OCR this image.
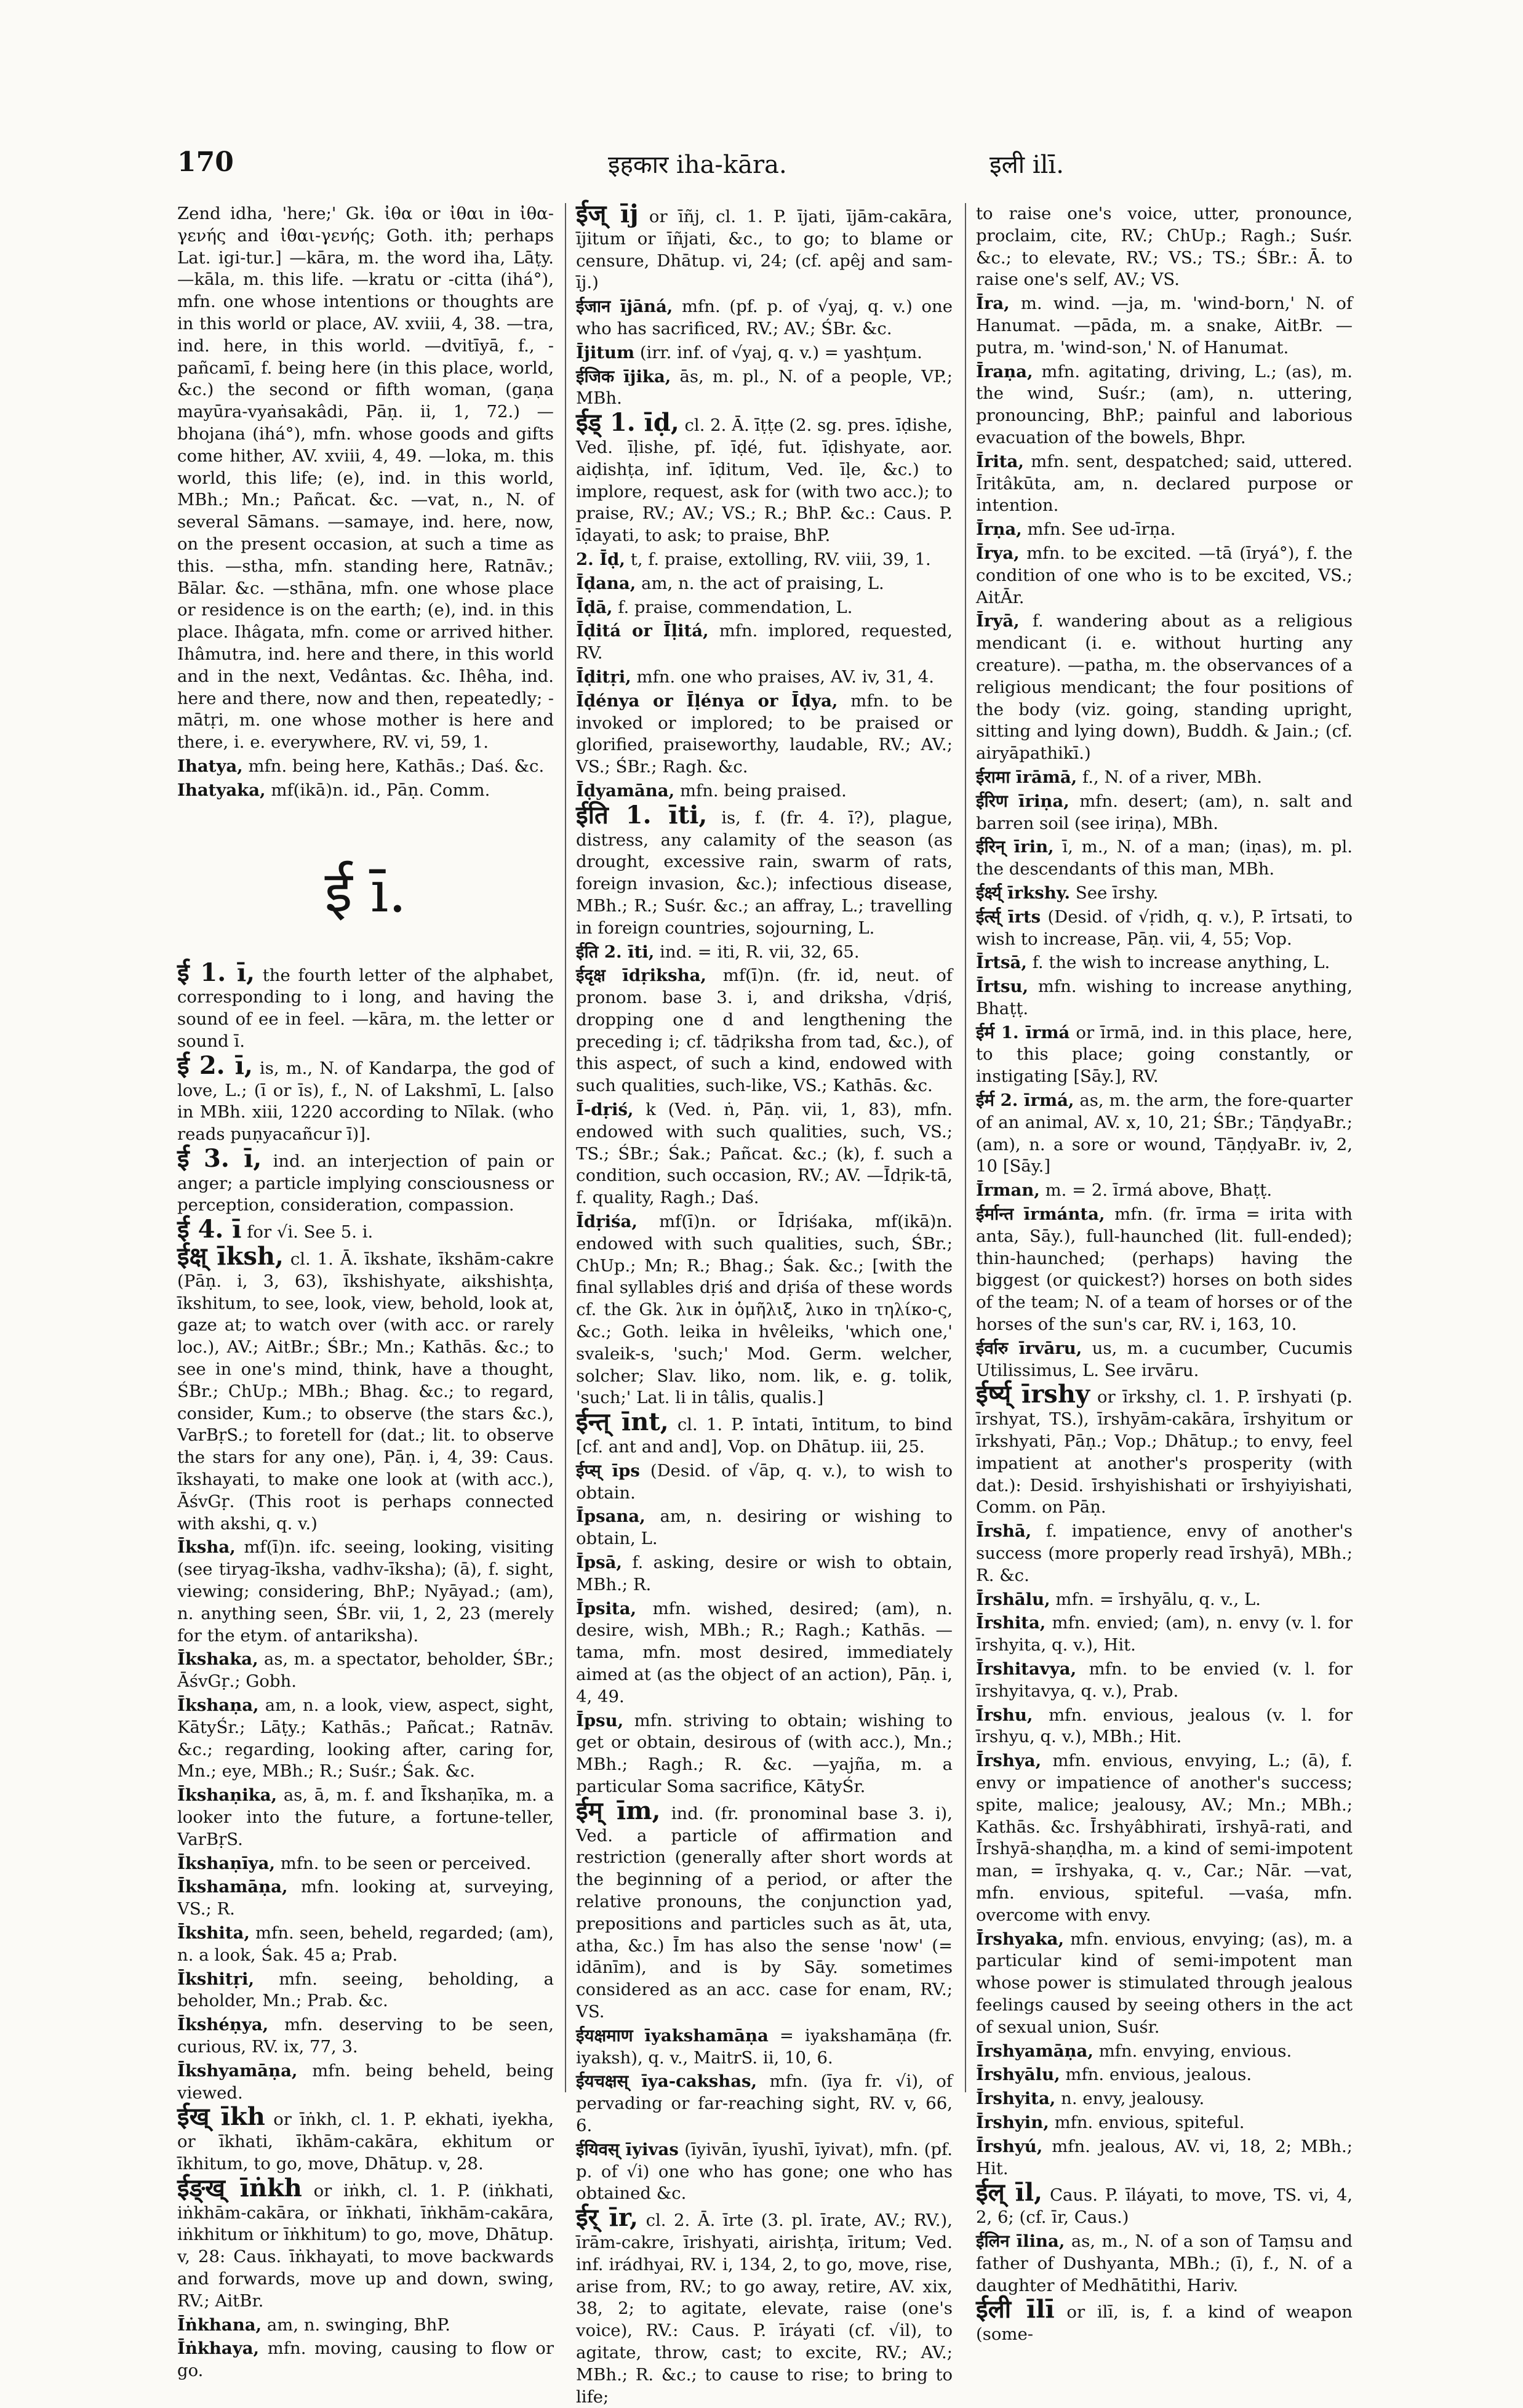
170	इहकार iha-kāra.	इली ilī.

Zend idha, 'here;' Gk. ἰθα or ἰθαι in ἰθα-γενής and ἰθαι-γενής; Goth. ith; perhaps Lat. igi-tur.] —kāra, m. the word iha, Lāṭy. —kāla, m. this life. —kratu or -citta (ihá°), mfn. one whose intentions or thoughts are in this world or place, AV. xviii, 4, 38. —tra, ind. here, in this world. —dvitīyā, f., -pañcamī, f. being here (in this place, world, &c.) the second or fifth woman, (gaṇa mayūra-vyaṅsakâdi, Pāṇ. ii, 1, 72.) —bhojana (ihá°), mfn. whose goods and gifts come hither, AV. xviii, 4, 49. —loka, m. this world, this life; (e), ind. in this world, MBh.; Mn.; Pañcat. &c. —vat, n., N. of several Sāmans. —samaye, ind. here, now, on the present occasion, at such a time as this. —stha, mfn. standing here, Ratnāv.; Bālar. &c. —sthāna, mfn. one whose place or residence is on the earth; (e), ind. in this place. Ihâgata, mfn. come or arrived hither. Ihâmutra, ind. here and there, in this world and in the next, Vedântas. &c. Ihêha, ind. here and there, now and then, repeatedly; -mātṛi, m. one whose mother is here and there, i. e. everywhere, RV. vi, 59, 1.

Ihatya, mfn. being here, Kathās.; Daś. &c.

Ihatyaka, mf(ikā)n. id., Pāṇ. Comm.

ई ī.

ई 1. ī, the fourth letter of the alphabet, corresponding to i long, and having the sound of ee in feel. —kāra, m. the letter or sound ī.

ई 2. ī, is, m., N. of Kandarpa, the god of love, L.; (ī or īs), f., N. of Lakshmī, L. [also in MBh. xiii, 1220 according to Nīlak. (who reads puṇyacañcur ī)].

ई 3. ī, ind. an interjection of pain or anger; a particle implying consciousness or perception, consideration, compassion.

ई 4. ī for √i. See 5. i.

ईक्ष् īksh, cl. 1. Ā. īkshate, īkshām-cakre (Pāṇ. i, 3, 63), īkshishyate, aikshishṭa, īkshitum, to see, look, view, behold, look at, gaze at; to watch over (with acc. or rarely loc.), AV.; AitBr.; ŚBr.; Mn.; Kathās. &c.; to see in one's mind, think, have a thought, ŚBr.; ChUp.; MBh.; Bhag. &c.; to regard, consider, Kum.; to observe (the stars &c.), VarBṛS.; to foretell for (dat.; lit. to observe the stars for any one), Pāṇ. i, 4, 39: Caus. īkshayati, to make one look at (with acc.), ĀśvGṛ. (This root is perhaps connected with akshi, q. v.)

Īksha, mf(ī)n. ifc. seeing, looking, visiting (see tiryag-īksha, vadhv-īksha); (ā), f. sight, viewing; considering, BhP.; Nyāyad.; (am), n. anything seen, ŚBr. vii, 1, 2, 23 (merely for the etym. of antariksha).

Īkshaka, as, m. a spectator, beholder, ŚBr.; ĀśvGṛ.; Gobh.

Īkshaṇa, am, n. a look, view, aspect, sight, KātyŚr.; Lāṭy.; Kathās.; Pañcat.; Ratnāv. &c.; regarding, looking after, caring for, Mn.; eye, MBh.; R.; Suśr.; Śak. &c.

Īkshaṇika, as, ā, m. f. and Īkshaṇīka, m. a looker into the future, a fortune-teller, VarBṛS.

Īkshaṇīya, mfn. to be seen or perceived.

Īkshamāṇa, mfn. looking at, surveying, VS.; R.

Īkshita, mfn. seen, beheld, regarded; (am), n. a look, Śak. 45 a; Prab.

Īkshitṛi, mfn. seeing, beholding, a beholder, Mn.; Prab. &c.

Īkshéṇya, mfn. deserving to be seen, curious, RV. ix, 77, 3.

Īkshyamāṇa, mfn. being beheld, being viewed.

ईख् īkh or īṅkh, cl. 1. P. ekhati, iyekha, or īkhati, īkhām-cakāra, ekhitum or īkhitum, to go, move, Dhātup. v, 28.

ईङ्ख् īṅkh or iṅkh, cl. 1. P. (iṅkhati, iṅkhām-cakāra, or īṅkhati, īṅkhām-cakāra, iṅkhitum or īṅkhitum) to go, move, Dhātup. v, 28: Caus. īṅkhayati, to move backwards and forwards, move up and down, swing, RV.; AitBr.

Īṅkhana, am, n. swinging, BhP.

Īṅkhaya, mfn. moving, causing to flow or go.

ईज् īj or īñj, cl. 1. P. ījati, ījām-cakāra, ījitum or īñjati, &c., to go; to blame or censure, Dhātup. vi, 24; (cf. apêj and sam-īj.)

ईजान ījāná, mfn. (pf. p. of √yaj, q. v.) one who has sacrificed, RV.; AV.; ŚBr. &c.

Ījitum (irr. inf. of √yaj, q. v.) = yashṭum.

ईजिक ījika, ās, m. pl., N. of a people, VP.; MBh.

ईड् 1. īḍ, cl. 2. Ā. īṭṭe (2. sg. pres. īḍishe, Ved. īḷishe, pf. īḍé, fut. īḍishyate, aor. aiḍishṭa, inf. īḍitum, Ved. īḷe, &c.) to implore, request, ask for (with two acc.); to praise, RV.; AV.; VS.; R.; BhP. &c.: Caus. P. īḍayati, to ask; to praise, BhP.

2. Īḍ, t, f. praise, extolling, RV. viii, 39, 1.

Īḍana, am, n. the act of praising, L.

Īḍā, f. praise, commendation, L.

Īḍitá or Īḷitá, mfn. implored, requested, RV.

Īḍitṛi, mfn. one who praises, AV. iv, 31, 4.

Īḍénya or Īḷénya or Īḍya, mfn. to be invoked or implored; to be praised or glorified, praiseworthy, laudable, RV.; AV.; VS.; ŚBr.; Ragh. &c.

Īḍyamāna, mfn. being praised.

ईति 1. īti, is, f. (fr. 4. ī?), plague, distress, any calamity of the season (as drought, excessive rain, swarm of rats, foreign invasion, &c.); infectious disease, MBh.; R.; Suśr. &c.; an affray, L.; travelling in foreign countries, sojourning, L.

ईति 2. īti, ind. = iti, R. vii, 32, 65.

ईदृक्ष īdṛiksha, mf(ī)n. (fr. id, neut. of pronom. base 3. i, and driksha, √dṛiś, dropping one d and lengthening the preceding i; cf. tādṛiksha from tad, &c.), of this aspect, of such a kind, endowed with such qualities, such-like, VS.; Kathās. &c.

Ī-dṛiś, k (Ved. ṅ, Pāṇ. vii, 1, 83), mfn. endowed with such qualities, such, VS.; TS.; ŚBr.; Śak.; Pañcat. &c.; (k), f. such a condition, such occasion, RV.; AV. —Īdṛik-tā, f. quality, Ragh.; Daś.

Īdṛiśa, mf(ī)n. or Īdṛiśaka, mf(ikā)n. endowed with such qualities, such, ŚBr.; ChUp.; Mn; R.; Bhag.; Śak. &c.; [with the final syllables dṛiś and dṛiśa of these words cf. the Gk. λικ in ὁμῆλιξ, λικο in τηλίκο-ς, &c.; Goth. leika in hvêleiks, 'which one,' svaleik-s, 'such;' Mod. Germ. welcher, solcher; Slav. liko, nom. lik, e. g. tolik, 'such;' Lat. li in tâlis, qualis.]

ईन्त् īnt, cl. 1. P. īntati, īntitum, to bind [cf. ant and and], Vop. on Dhātup. iii, 25.

ईप्स् īps (Desid. of √āp, q. v.), to wish to obtain.

Īpsana, am, n. desiring or wishing to obtain, L.

Īpsā, f. asking, desire or wish to obtain, MBh.; R.

Īpsita, mfn. wished, desired; (am), n. desire, wish, MBh.; R.; Ragh.; Kathās. —tama, mfn. most desired, immediately aimed at (as the object of an action), Pāṇ. i, 4, 49.

Īpsu, mfn. striving to obtain; wishing to get or obtain, desirous of (with acc.), Mn.; MBh.; Ragh.; R. &c. —yajña, m. a particular Soma sacrifice, KātyŚr.

ईम् īm, ind. (fr. pronominal base 3. i), Ved. a particle of affirmation and restriction (generally after short words at the beginning of a period, or after the relative pronouns, the conjunction yad, prepositions and particles such as āt, uta, atha, &c.) Īm has also the sense 'now' (= idānīm), and is by Sāy. sometimes considered as an acc. case for enam, RV.; VS.

ईयक्षमाण īyakshamāṇa = iyakshamāṇa (fr. iyaksh), q. v., MaitrS. ii, 10, 6.

ईयचक्षस् īya-cakshas, mfn. (īya fr. √i), of pervading or far-reaching sight, RV. v, 66, 6.

ईयिवस् īyivas (īyivān, īyushī, īyivat), mfn. (pf. p. of √i) one who has gone; one who has obtained &c.

ईर् īr, cl. 2. Ā. īrte (3. pl. īrate, AV.; RV.), īrām-cakre, īrishyati, airishṭa, īritum; Ved. inf. irádhyai, RV. i, 134, 2, to go, move, rise, arise from, RV.; to go away, retire, AV. xix, 38, 2; to agitate, elevate, raise (one's voice), RV.: Caus. P. īráyati (cf. √il), to agitate, throw, cast; to excite, RV.; AV.; MBh.; R. &c.; to cause to rise; to bring to life;

to raise one's voice, utter, pronounce, proclaim, cite, RV.; ChUp.; Ragh.; Suśr. &c.; to elevate, RV.; VS.; TS.; ŚBr.: Ā. to raise one's self, AV.; VS.

Īra, m. wind. —ja, m. 'wind-born,' N. of Hanumat. —pāda, m. a snake, AitBr. —putra, m. 'wind-son,' N. of Hanumat.

Īraṇa, mfn. agitating, driving, L.; (as), m. the wind, Suśr.; (am), n. uttering, pronouncing, BhP.; painful and laborious evacuation of the bowels, Bhpr.

Īrita, mfn. sent, despatched; said, uttered. Īritâkūta, am, n. declared purpose or intention.

Īrṇa, mfn. See ud-īrṇa.

Īrya, mfn. to be excited. —tā (īryá°), f. the condition of one who is to be excited, VS.; AitĀr.

Īryā, f. wandering about as a religious mendicant (i. e. without hurting any creature). —patha, m. the observances of a religious mendicant; the four positions of the body (viz. going, standing upright, sitting and lying down), Buddh. & Jain.; (cf. airyāpathikī.)

ईरामा īrāmā, f., N. of a river, MBh.

ईरिण īriṇa, mfn. desert; (am), n. salt and barren soil (see iriṇa), MBh.

ईरिन् īrin, ī, m., N. of a man; (iṇas), m. pl. the descendants of this man, MBh.

ईर्क्ष्य् īrkshy. See īrshy.

ईर्त्स् īrts (Desid. of √ṛidh, q. v.), P. īrtsati, to wish to increase, Pāṇ. vii, 4, 55; Vop.

Īrtsā, f. the wish to increase anything, L.

Īrtsu, mfn. wishing to increase anything, Bhaṭṭ.

ईर्म 1. īrmá or īrmā, ind. in this place, here, to this place; going constantly, or instigating [Sāy.], RV.

ईर्म 2. īrmá, as, m. the arm, the fore-quarter of an animal, AV. x, 10, 21; ŚBr.; TāṇḍyaBr.; (am), n. a sore or wound, TāṇḍyaBr. iv, 2, 10 [Sāy.]

Īrman, m. = 2. īrmá above, Bhaṭṭ.

ईर्मान्त īrmánta, mfn. (fr. īrma = irita with anta, Sāy.), full-haunched (lit. full-ended); thin-haunched; (perhaps) having the biggest (or quickest?) horses on both sides of the team; N. of a team of horses or of the horses of the sun's car, RV. i, 163, 10.

ईर्वारु īrvāru, us, m. a cucumber, Cucumis Utilissimus, L. See irvāru.

ईर्ष्य् īrshy or īrkshy, cl. 1. P. īrshyati (p. īrshyat, TS.), īrshyām-cakāra, īrshyitum or īrkshyati, Pāṇ.; Vop.; Dhātup.; to envy, feel impatient at another's prosperity (with dat.): Desid. īrshyishishati or īrshyiyishati, Comm. on Pāṇ.

Īrshā, f. impatience, envy of another's success (more properly read īrshyā), MBh.; R. &c.

Īrshālu, mfn. = īrshyālu, q. v., L.

Īrshita, mfn. envied; (am), n. envy (v. l. for īrshyita, q. v.), Hit.

Īrshitavya, mfn. to be envied (v. l. for īrshyitavya, q. v.), Prab.

Īrshu, mfn. envious, jealous (v. l. for īrshyu, q. v.), MBh.; Hit.

Īrshya, mfn. envious, envying, L.; (ā), f. envy or impatience of another's success; spite, malice; jealousy, AV.; Mn.; MBh.; Kathās. &c. Īrshyâbhirati, īrshyā-rati, and Īrshyā-shaṇḍha, m. a kind of semi-impotent man, = īrshyaka, q. v., Car.; Nār. —vat, mfn. envious, spiteful. —vaśa, mfn. overcome with envy.

Īrshyaka, mfn. envious, envying; (as), m. a particular kind of semi-impotent man whose power is stimulated through jealous feelings caused by seeing others in the act of sexual union, Suśr.

Īrshyamāṇa, mfn. envying, envious.

Īrshyālu, mfn. envious, jealous.

Īrshyita, n. envy, jealousy.

Īrshyin, mfn. envious, spiteful.

Īrshyú, mfn. jealous, AV. vi, 18, 2; MBh.; Hit.

ईल् īl, Caus. P. īláyati, to move, TS. vi, 4, 2, 6; (cf. īr, Caus.)

ईलिन īlina, as, m., N. of a son of Taṃsu and father of Dushyanta, MBh.; (ī), f., N. of a daughter of Medhātithi, Hariv.

ईली īlī or ilī, is, f. a kind of weapon (some-
